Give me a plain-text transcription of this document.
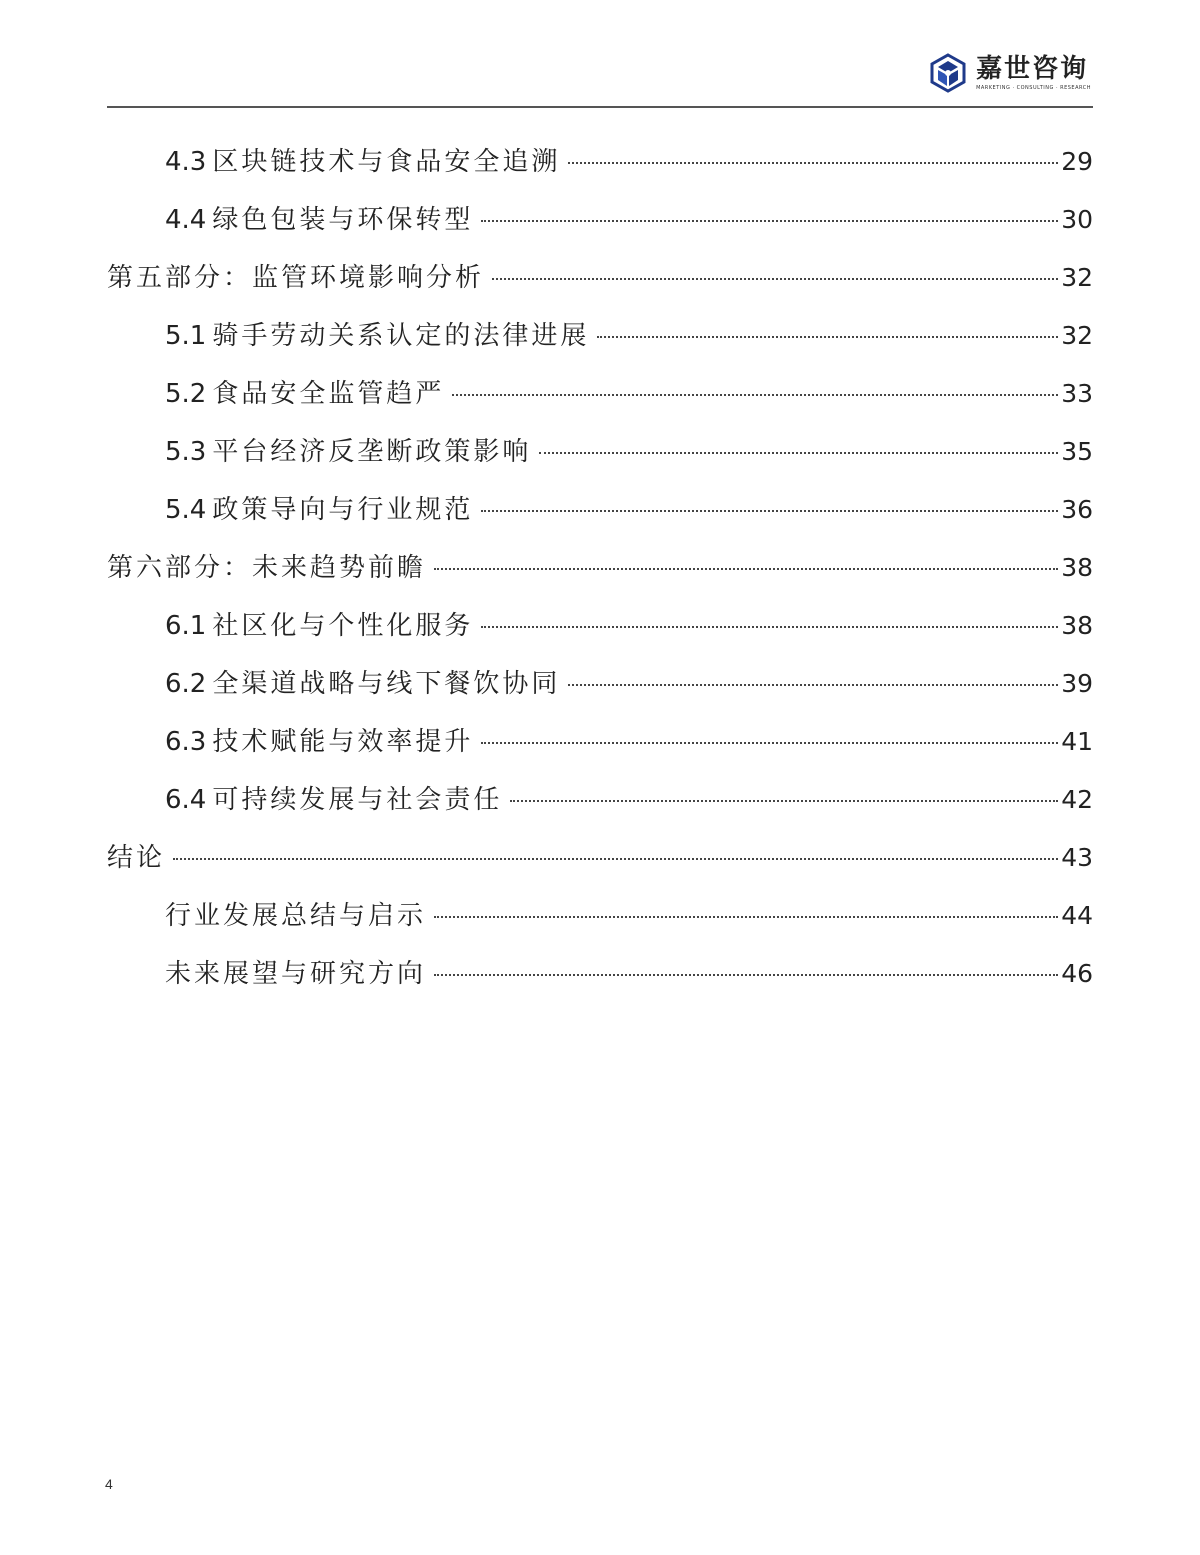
嘉世咨询
MARKETING · CONSULTING · RESEARCH
4.3 区块链技术与食品安全追溯	29
4.4 绿色包装与环保转型	30
第五部分：监管环境影响分析	32
5.1 骑手劳动关系认定的法律进展	32
5.2 食品安全监管趋严	33
5.3 平台经济反垄断政策影响	35
5.4 政策导向与行业规范	36
第六部分：未来趋势前瞻	38
6.1 社区化与个性化服务	38
6.2 全渠道战略与线下餐饮协同	39
6.3 技术赋能与效率提升	41
6.4 可持续发展与社会责任	42
结论	43
行业发展总结与启示	44
未来展望与研究方向	46
4
